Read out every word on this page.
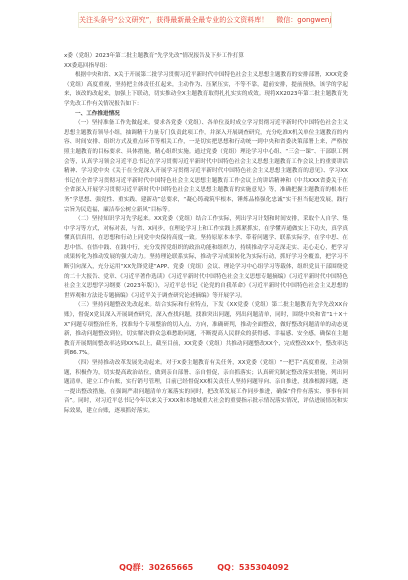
关注头条号“公文研究”，获得最新最全最专业的公文资料库！ 微信：gongwenj

x委（党组）2023年第二批主题教育“先学先改”情况报告及下步工作打算

XX委巡回指导组：

根据中央和省、X关于开展第二批学习贯彻习近平新时代中国特色社会主义思想主题教育的安排部署，XXX党委（党组）高度重视，坚持把主体责任扛起来，主动作为、压紧压实，不等不靠，超前安排，提前预热，该学的学起来，该改的改起来，加强上下联动，切实推动全X主题教育取得扎扎实实的成效。现将XX2023年第二批主题教育先学先改工作有关情况报告如下：

一、工作推进情况

（一）坚持准备工作先做起来。要求各党委（党组）、各单位及时成立学习贯彻习近平新时代中国特色社会主义思想主题教育领导小组，抽调精干力量专门负责此项工作，并深入开展调查研究，充分吃准X机关单位主题教育的内容、时间安排、组织方式及重点环节等相关工作，一是切实把思想和行动统一到中央和省委决策部署上来，严格按照主题教育的目标要求、具体措施，精心组织实施。通过党委（党组）理论学习中心组、“三会一课”、干部职工例会等，认真学习领会习近平总书记在学习贯彻习近平新时代中国特色社会主义思想主题教育工作会议上的重要讲话精神、学习党中央《关于在全党深入开展学习贯彻习近平新时代中国特色社会主义思想主题教育的意见》、学习XX书记在全省学习贯彻习近平新时代中国特色社会主义思想主题教育工作会议上的讲话精神和《中共XXX省委关于在全省深入开展学习贯彻习近平新时代中国特色社会主义思想主题教育的实施意见》等，准确把握主题教育的根本任务“学思想、强党性、重实践、建新功”总要求，“凝心铸魂筑牢根本，锤炼品格强化忠诚”实干担当促进发展，践行宗旨为民造福，廉洁奉公树立新风”目标等。

（二）坚持知识学习先学起来。XX党委（党组）结合工作实际，列出学习计划和时间安排，采取个人自学、集中学习等方式，对标对表，与省、X同步，在理论学习上和工作实践上抓紧抓实，在学懂弄通做实上下功夫，真学真懂真信真用，在思想和行动上同党中央保持高度一致。坚持原原本本学、带着问题学、联系实际学，在学中思、在思中悟、在悟中践、在践中行，充分发挥党组织的政治功能和组织力，持续推动学习走深走实、走心走心，把学习成果转化为推动发展的强大动力。坚持理论联系实际，推动学习成果转化为实际行动，抓好学习全覆盖，把学习不断引向深入，充分运用“XX先锋党建”APP、党委（党组）会议、理论学习中心组学习等载体，组织党员干部围绕党的二十大报告、党章、《习近平著作选读》《习近平新时代中国特色社会主义思想专题摘编》《习近平新时代中国特色社会主义思想学习纲要（2023年版）》，习近平总书记《论党的自我革命》《习近平新时代中国特色社会主义思想的世界观和方法论专题摘编》《习近平关于调查研究论述摘编》等开展学习。

（三）坚持问题整改先改起来。结合实际和行业特点，下发《XX党委（党组）第二批主题教育先学先改XX台账》，督促X党员深入开展调查研究，深入查找问题，找准突出问题，列出问题清单，同时，围绕中央和省“1＋X＋X”问题专项整治任务，找准每个专项整治的切入点、方向，准确研判，推动全面整改，做好整改问题清单的动态更新，推动问题整改到位，切实解决群众急难愁盼问题，不断提高人民群众的获得感、幸福感、安全感，确保在主题教育开展期间整改率达到XX%以上，截至目前，XX党委（党组）共推动问题整改XX个，完成整改XX个，整改率达到86.7%。

（四）坚持推动改革发展先动起来。对于X委主题教育有关任务，XX党委（党组）“一把手”高度重视，主动领题，积极作为，切实提高政治站位，做到亲自部署、亲自督促，亲自抓落实；认真研究制定整改落实措施，列出问题清单，建立工作台账，实行销号管理，目前已经督促XX相关责任人坚持问题导向、亲自推进，找准根源问题，逐一提出整改措施，在强调严肃问题清单方案落实的同时，把改革发展工作同步推进，确保“件件有落实、事事有回音”。同时，对习近平总书记今年以来关于XXX和本地域重大社会的重要指示批示情况落实情况，评估进展情况和实际效果，建立台账，逐项抓好落实。

QQ群：30265665	QQ：535304092
